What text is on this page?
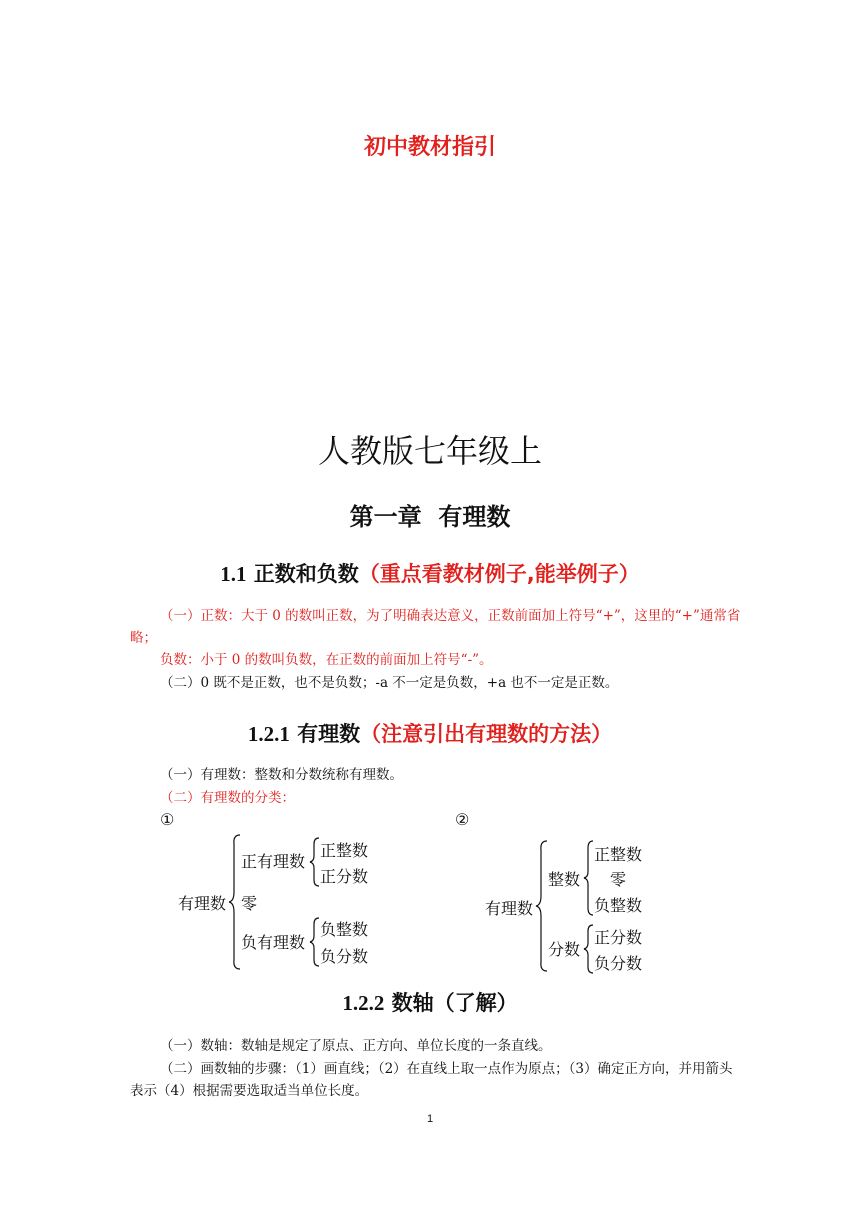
初中教材指引
人教版七年级上
第一章  有理数
1.1 正数和负数（重点看教材例子,能举例子）
（一）正数：大于 0 的数叫正数，为了明确表达意义，正数前面加上符号“+”，这里的“+”通常省略；
负数：小于 0 的数叫负数，在正数的前面加上符号“-”。
（二）0 既不是正数，也不是负数；-a 不一定是负数，+a 也不一定是正数。
1.2.1 有理数（注意引出有理数的方法）
（一）有理数：整数和分数统称有理数。
（二）有理数的分类：
①
有理数
正有理数
正整数
正分数
零
负有理数
负整数
负分数
②
有理数
整数
正整数
零
负整数
分数
正分数
负分数
1.2.2 数轴（了解）
（一）数轴：数轴是规定了原点、正方向、单位长度的一条直线。
（二）画数轴的步骤：（1）画直线；（2）在直线上取一点作为原点；（3）确定正方向，并用箭头表示（4）根据需要选取适当单位长度。
1
